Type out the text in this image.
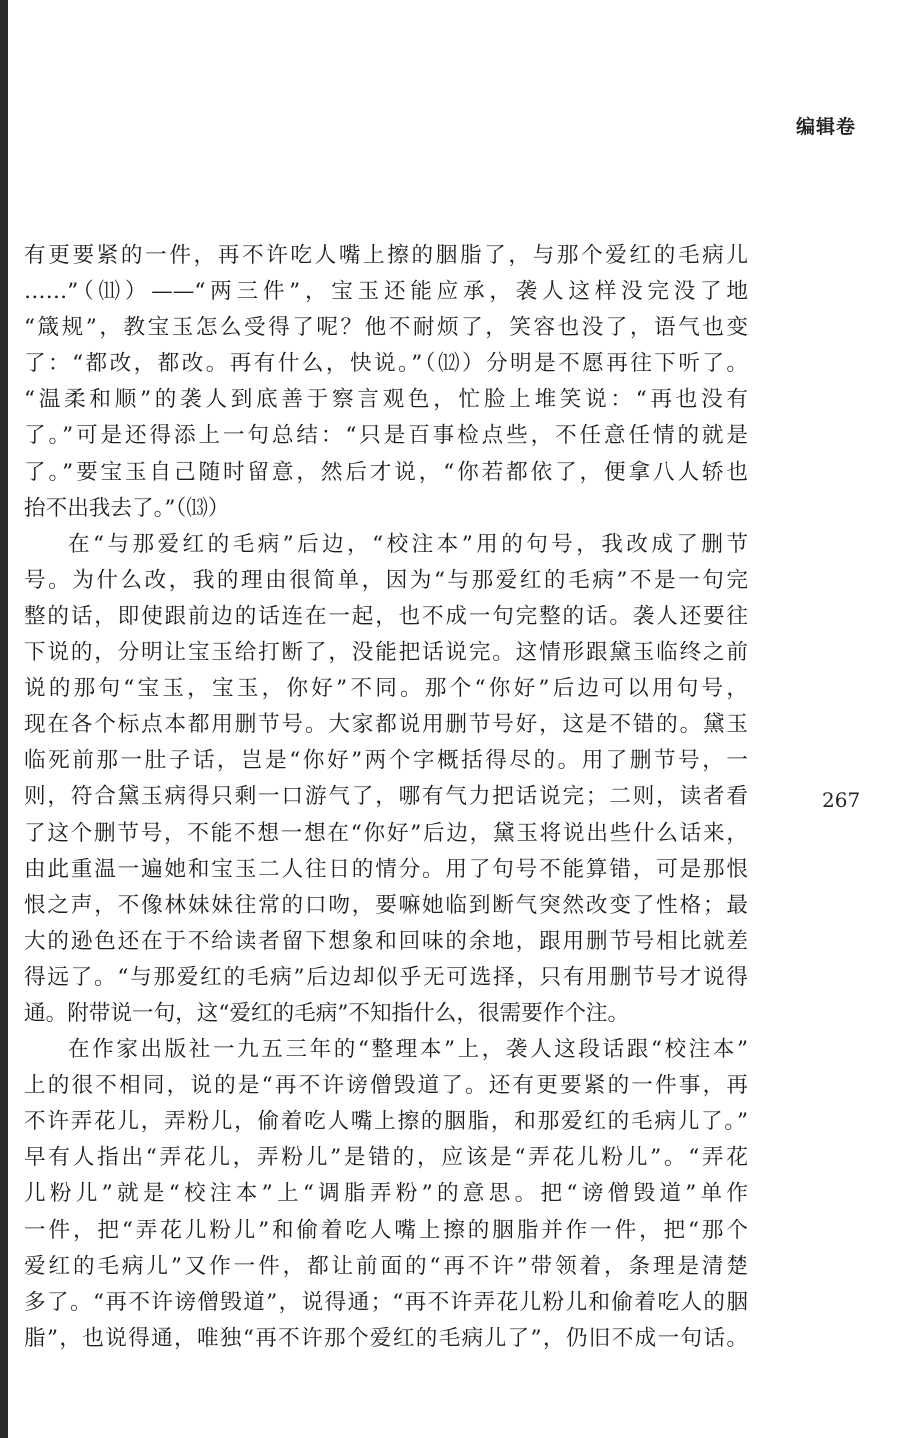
编辑卷
267
有更要紧的一件，再不许吃人嘴上擦的胭脂了，与那个爱红的毛病儿
……”（⑾）——“两三件”，宝玉还能应承，袭人这样没完没了地
“箴规”，教宝玉怎么受得了呢？他不耐烦了，笑容也没了，语气也变
了：“都改，都改。再有什么，快说。”（⑿）分明是不愿再往下听了。
“温柔和顺”的袭人到底善于察言观色，忙脸上堆笑说：“再也没有
了。”可是还得添上一句总结：“只是百事检点些，不任意任情的就是
了。”要宝玉自己随时留意，然后才说，“你若都依了，便拿八人轿也
抬不出我去了。”（⒀）
在“与那爱红的毛病”后边，“校注本”用的句号，我改成了删节
号。为什么改，我的理由很简单，因为“与那爱红的毛病”不是一句完
整的话，即使跟前边的话连在一起，也不成一句完整的话。袭人还要往
下说的，分明让宝玉给打断了，没能把话说完。这情形跟黛玉临终之前
说的那句“宝玉，宝玉，你好”不同。那个“你好”后边可以用句号，
现在各个标点本都用删节号。大家都说用删节号好，这是不错的。黛玉
临死前那一肚子话，岂是“你好”两个字概括得尽的。用了删节号，一
则，符合黛玉病得只剩一口游气了，哪有气力把话说完；二则，读者看
了这个删节号，不能不想一想在“你好”后边，黛玉将说出些什么话来，
由此重温一遍她和宝玉二人往日的情分。用了句号不能算错，可是那恨
恨之声，不像林妹妹往常的口吻，要嘛她临到断气突然改变了性格；最
大的逊色还在于不给读者留下想象和回味的余地，跟用删节号相比就差
得远了。“与那爱红的毛病”后边却似乎无可选择，只有用删节号才说得
通。附带说一句，这“爱红的毛病”不知指什么，很需要作个注。
在作家出版社一九五三年的“整理本”上，袭人这段话跟“校注本”
上的很不相同，说的是“再不许谤僧毁道了。还有更要紧的一件事，再
不许弄花儿，弄粉儿，偷着吃人嘴上擦的胭脂，和那爱红的毛病儿了。”
早有人指出“弄花儿，弄粉儿”是错的，应该是“弄花儿粉儿”。“弄花
儿粉儿”就是“校注本”上“调脂弄粉”的意思。把“谤僧毁道”单作
一件，把“弄花儿粉儿”和偷着吃人嘴上擦的胭脂并作一件，把“那个
爱红的毛病儿”又作一件，都让前面的“再不许”带领着，条理是清楚
多了。“再不许谤僧毁道”，说得通；“再不许弄花儿粉儿和偷着吃人的胭
脂”，也说得通，唯独“再不许那个爱红的毛病儿了”，仍旧不成一句话。
